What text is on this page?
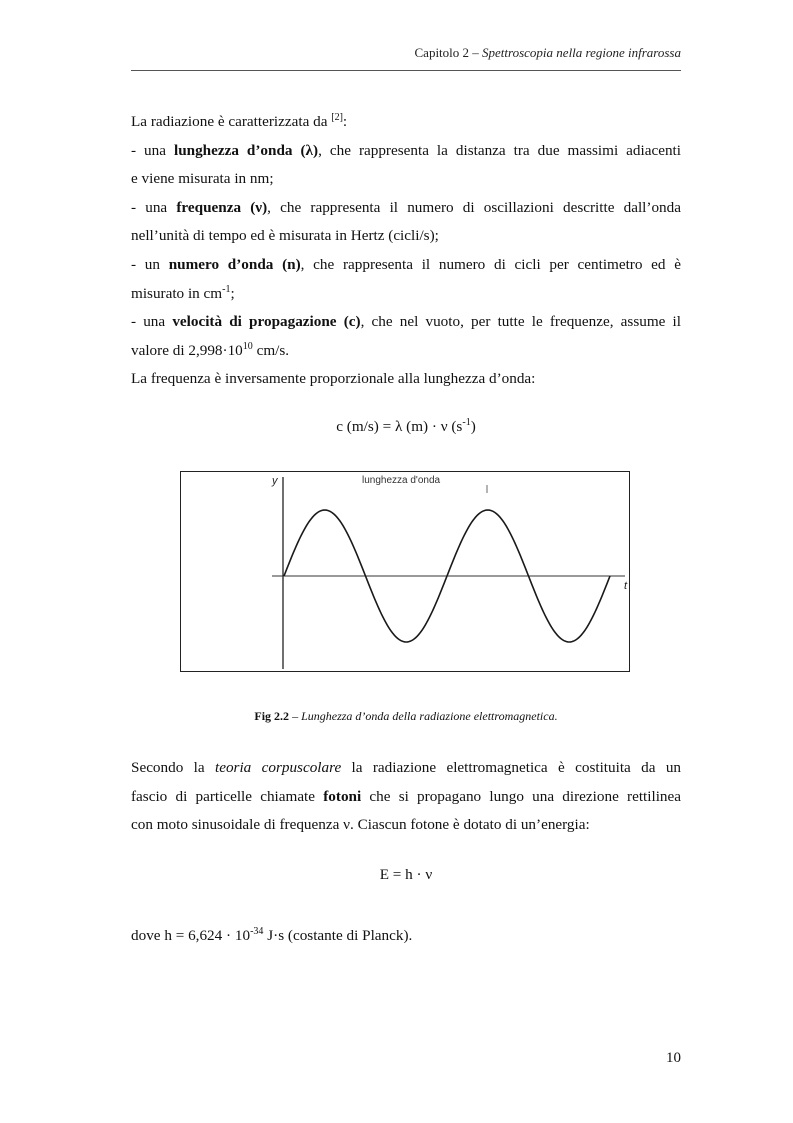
Capitolo 2 – Spettroscopia nella regione infrarossa
La radiazione è caratterizzata da [2]:
- una lunghezza d’onda (λ), che rappresenta la distanza tra due massimi adiacenti
e viene misurata in nm;
- una frequenza (ν), che rappresenta il numero di oscillazioni descritte dall’onda
nell’unità di tempo ed è misurata in Hertz (cicli/s);
- un numero d’onda (n), che rappresenta il numero di cicli per centimetro ed è
misurato in $cm^{-1}$;
- una velocità di propagazione (c), che nel vuoto, per tutte le frequenze, assume il
valore di $2,998\cdot 10^{10}$ cm/s.
La frequenza è inversamente proporzionale alla lunghezza d’onda:
c (m/s) = λ (m) · ν $(s^{-1})$
y
t
lunghezza d'onda
Fig 2.2 – Lunghezza d’onda della radiazione elettromagnetica.
Secondo la teoria corpuscolare la radiazione elettromagnetica è costituita da un
fascio di particelle chiamate fotoni che si propagano lungo una direzione rettilinea
con moto sinusoidale di frequenza ν. Ciascun fotone è dotato di un’energia:
E = h · ν
dove $h = 6,624 \cdot 10^{-34}$ J·s (costante di Planck).
10
